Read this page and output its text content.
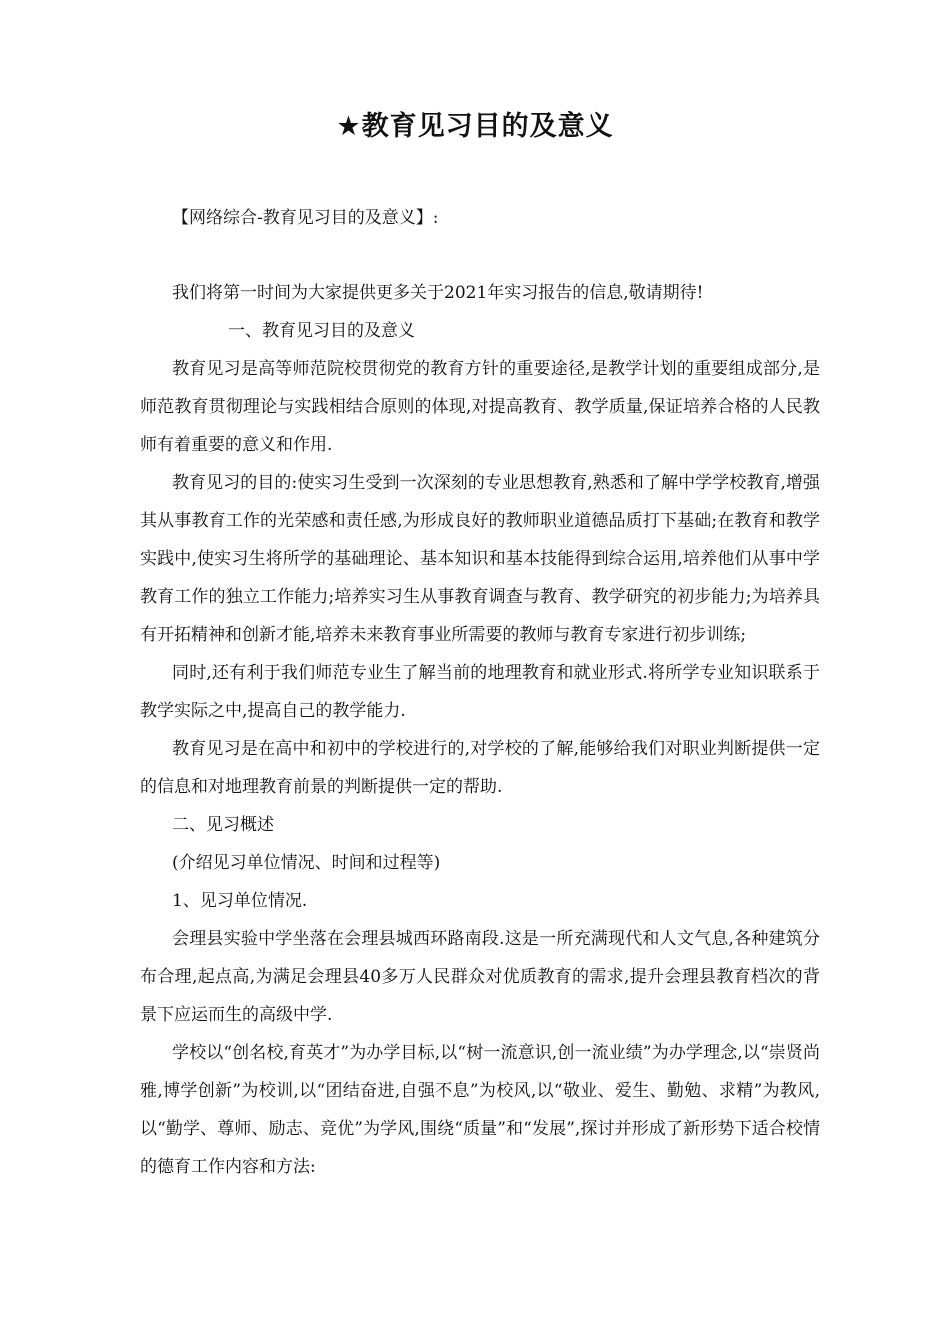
★教育见习目的及意义
【网络综合-教育见习目的及意义】:

我们将第一时间为大家提供更多关于2021年实习报告的信息,敬请期待!

一、教育见习目的及意义

教育见习是高等师范院校贯彻党的教育方针的重要途径,是教学计划的重要组成部分,是师范教育贯彻理论与实践相结合原则的体现,对提高教育、教学质量,保证培养合格的人民教师有着重要的意义和作用.

教育见习的目的:使实习生受到一次深刻的专业思想教育,熟悉和了解中学学校教育,增强其从事教育工作的光荣感和责任感,为形成良好的教师职业道德品质打下基础;在教育和教学实践中,使实习生将所学的基础理论、基本知识和基本技能得到综合运用,培养他们从事中学教育工作的独立工作能力;培养实习生从事教育调查与教育、教学研究的初步能力;为培养具有开拓精神和创新才能,培养未来教育事业所需要的教师与教育专家进行初步训练;

同时,还有利于我们师范专业生了解当前的地理教育和就业形式.将所学专业知识联系于教学实际之中,提高自己的教学能力.

教育见习是在高中和初中的学校进行的,对学校的了解,能够给我们对职业判断提供一定的信息和对地理教育前景的判断提供一定的帮助.

二、见习概述

(介绍见习单位情况、时间和过程等)

1、见习单位情况.

会理县实验中学坐落在会理县城西环路南段.这是一所充满现代和人文气息,各种建筑分布合理,起点高,为满足会理县40多万人民群众对优质教育的需求,提升会理县教育档次的背景下应运而生的高级中学.

学校以“创名校,育英才”为办学目标,以“树一流意识,创一流业绩”为办学理念,以“崇贤尚雅,博学创新”为校训,以“团结奋进,自强不息”为校风,以“敬业、爱生、勤勉、求精”为教风,以“勤学、尊师、励志、竞优”为学风,围绕“质量”和“发展”,探讨并形成了新形势下适合校情的德育工作内容和方法:
